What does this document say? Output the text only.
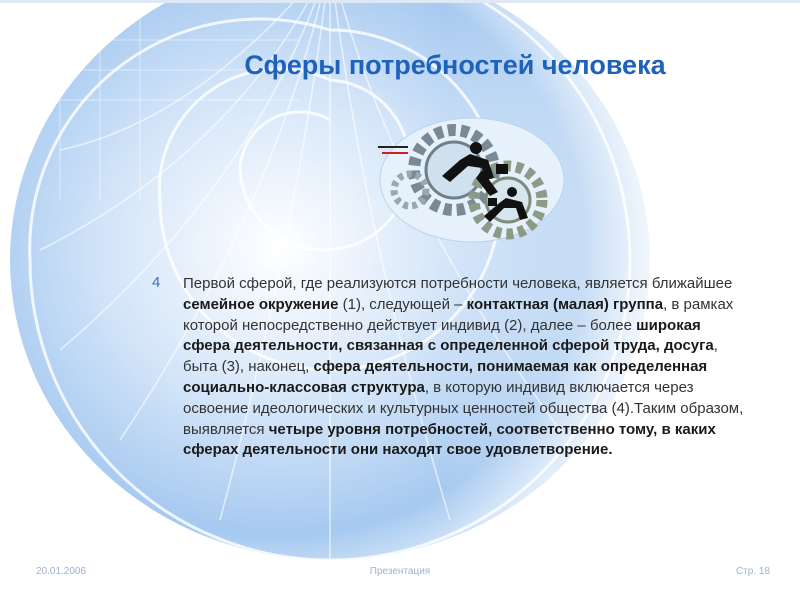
Сферы потребностей человека
4 Первой сферой, где реализуются потребности человека, является ближайшее семейное окружение (1), следующей – контактная (малая) группа, в рамках которой непосредственно действует индивид (2), далее – более широкая сфера деятельности, связанная с определенной сферой труда, досуга, быта (3), наконец, сфера деятельности, понимаемая как определенная социально-классовая структура, в которую индивид включается через освоение идеологических и культурных ценностей общества (4).Таким образом, выявляется четыре уровня потребностей, соответственно тому, в каких сферах деятельности они находят свое удовлетворение.

20.01.2006	Презентация	Стр. 18
